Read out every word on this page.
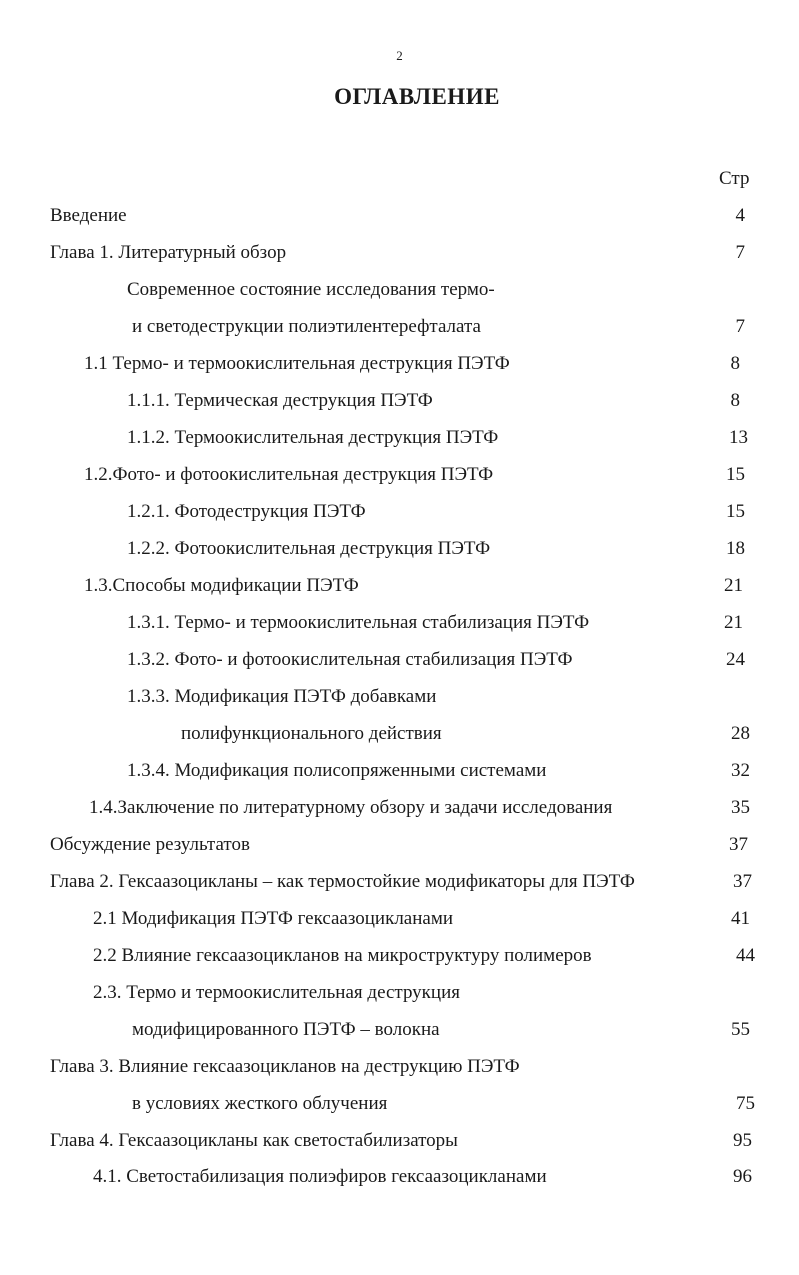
2
ОГЛАВЛЕНИЕ
Стр
Введение	4
Глава 1. Литературный обзор	7
Современное состояние исследования термо-
и светодеструкции полиэтилентерефталата	7
1.1 Термо- и термоокислительная деструкция ПЭТФ	8
1.1.1. Термическая деструкция ПЭТФ	8
1.1.2. Термоокислительная деструкция ПЭТФ	13
1.2.Фото- и фотоокислительная деструкция ПЭТФ	15
1.2.1. Фотодеструкция ПЭТФ	15
1.2.2. Фотоокислительная деструкция ПЭТФ	18
1.3.Способы модификации ПЭТФ	21
1.3.1. Термо- и термоокислительная стабилизация ПЭТФ	21
1.3.2. Фото- и фотоокислительная стабилизация ПЭТФ	24
1.3.3. Модификация ПЭТФ добавками
полифункционального действия	28
1.3.4. Модификация полисопряженными системами	32
1.4.Заключение по литературному обзору и задачи исследования	35
Обсуждение результатов	37
Глава 2. Гексаазоцикланы – как термостойкие модификаторы для ПЭТФ	37
2.1 Модификация ПЭТФ гексаазоцикланами	41
2.2 Влияние гексаазоцикланов на микроструктуру полимеров	44
2.3. Термо и термоокислительная деструкция
модифицированного ПЭТФ – волокна	55
Глава 3. Влияние гексаазоцикланов на деструкцию ПЭТФ
в условиях жесткого облучения	75
Глава 4. Гексаазоцикланы как светостабилизаторы	95
4.1. Светостабилизация полиэфиров гексаазоцикланами	96
